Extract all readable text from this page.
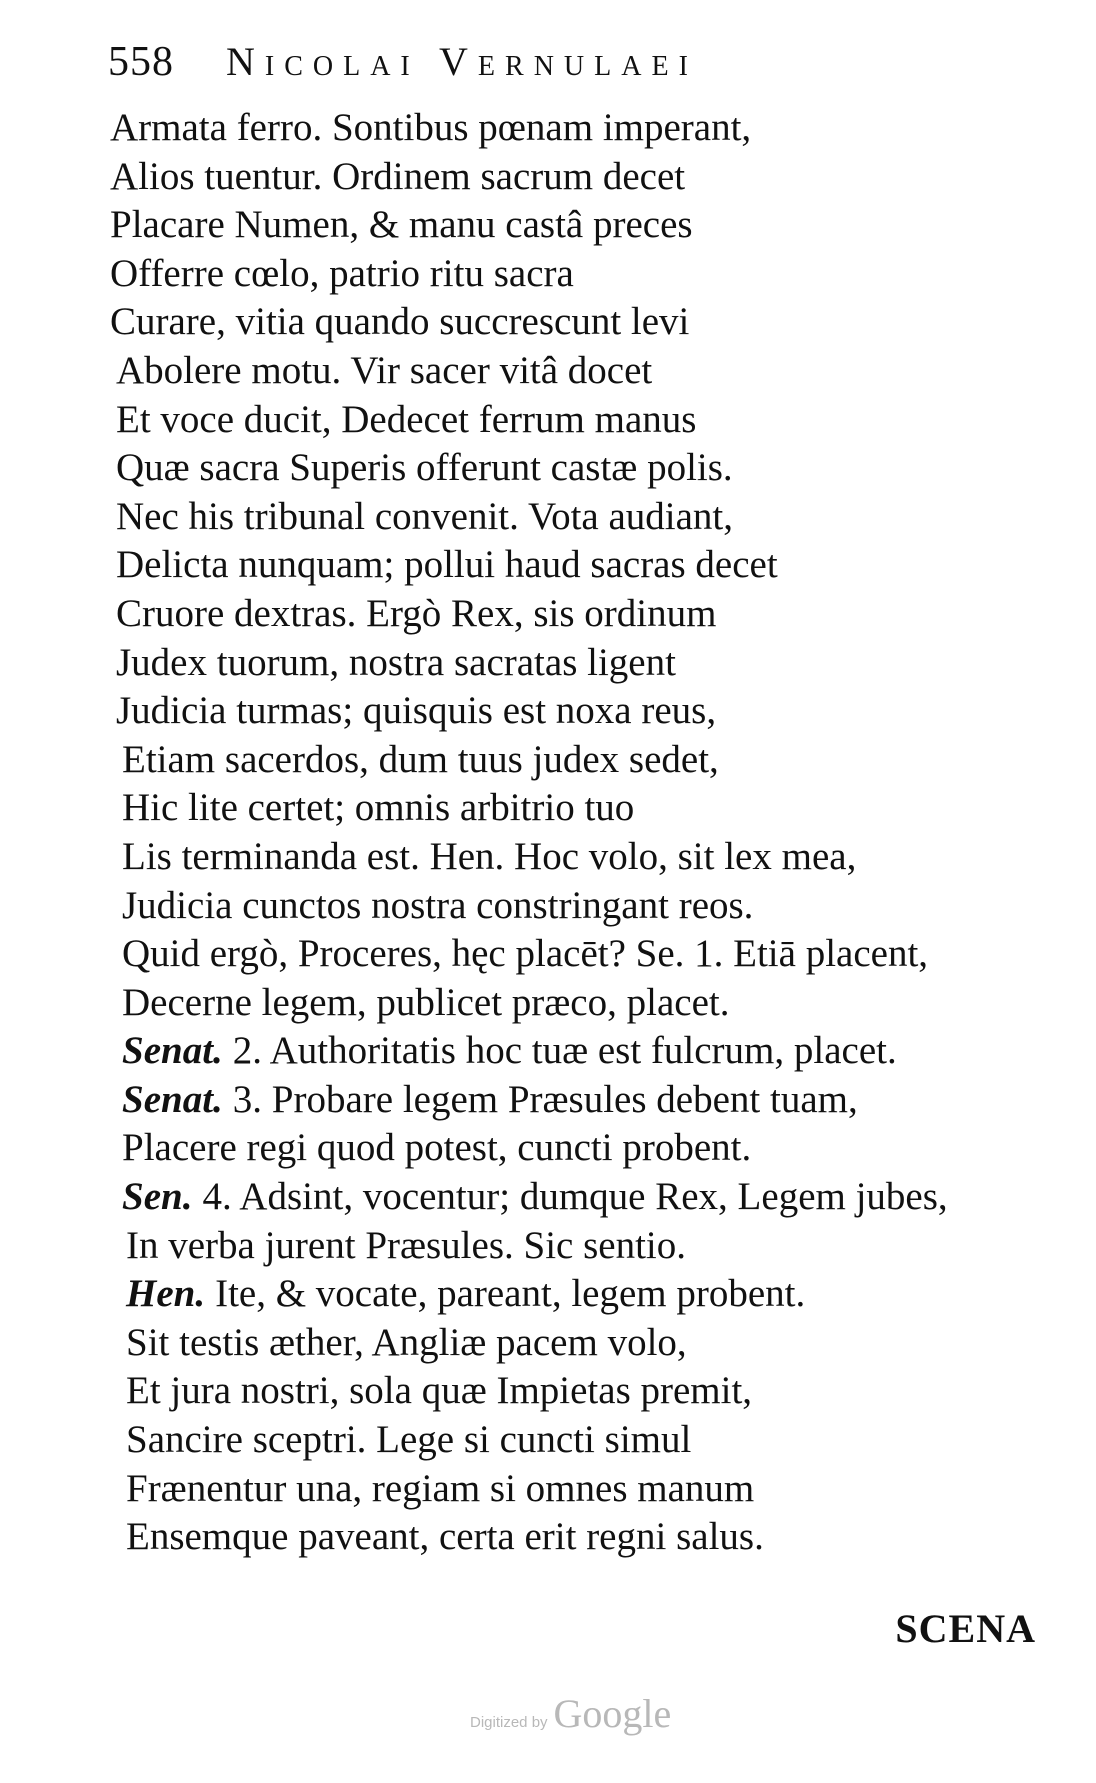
558 Nicolai Vernulaei
Armata ferro. Sontibus pœnam imperant,
Alios tuentur. Ordinem sacrum decet
Placare Numen, & manu castâ preces
Offerre cœlo, patrio ritu sacra
Curare, vitia quando succrescunt levi
Abolere motu. Vir sacer vitâ docet
Et voce ducit, Dedecet ferrum manus
Quæ sacra Superis offerunt castæ polis.
Nec his tribunal convenit. Vota audiant,
Delicta nunquam; pollui haud sacras decet
Cruore dextras. Ergò Rex, sis ordinum
Judex tuorum, nostra sacratas ligent
Judicia turmas; quisquis est noxa reus,
Etiam sacerdos, dum tuus judex sedet,
Hic lite certet; omnis arbitrio tuo
Lis terminanda est. Hen. Hoc volo, sit lex mea,
Judicia cunctos nostra constringant reos.
Quid ergò, Proceres, hęc placēt? Se. 1. Etiā placent,
Decerne legem, publicet præco, placet.
Senat. 2. Authoritatis hoc tuæ est fulcrum, placet.
Senat. 3. Probare legem Præsules debent tuam,
Placere regi quod potest, cuncti probent.
Sen. 4. Adsint, vocentur; dumque Rex, Legem jubes,
In verba jurent Præsules. Sic sentio.
Hen. Ite, & vocate, pareant, legem probent.
Sit testis æther, Angliæ pacem volo,
Et jura nostri, sola quæ Impietas premit,
Sancire sceptri. Lege si cuncti simul
Frænentur una, regiam si omnes manum
Ensemque paveant, certa erit regni salus.
SCENA
Digitized by Google
